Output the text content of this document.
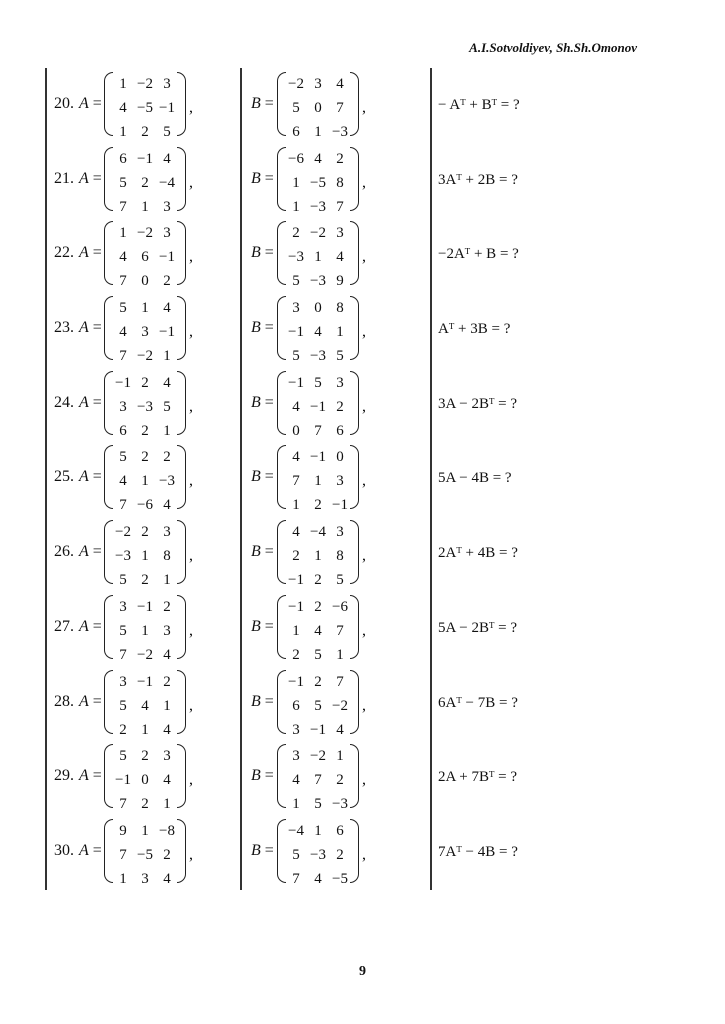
A.I.Sotvoldiyev, Sh.Sh.Omonov
20. A =
1	−2	3
4	−5	−1
1	2	5
,	B =
−2	3	4
5	0	7
6	1	−3
,	− Aᵀ + Bᵀ = ?
21. A =
6	−1	4
5	2	−4
7	1	3
,	B =
−6	4	2
1	−5	8
1	−3	7
,	3Aᵀ + 2B = ?
22. A =
1	−2	3
4	6	−1
7	0	2
,	B =
2	−2	3
−3	1	4
5	−3	9
,	−2Aᵀ + B = ?
23. A =
5	1	4
4	3	−1
7	−2	1
,	B =
3	0	8
−1	4	1
5	−3	5
,	Aᵀ + 3B = ?
24. A =
−1	2	4
3	−3	5
6	2	1
,	B =
−1	5	3
4	−1	2
0	7	6
,	3A − 2Bᵀ = ?
25. A =
5	2	2
4	1	−3
7	−6	4
,	B =
4	−1	0
7	1	3
1	2	−1
,	5A − 4B = ?
26. A =
−2	2	3
−3	1	8
5	2	1
,	B =
4	−4	3
2	1	8
−1	2	5
,	2Aᵀ + 4B = ?
27. A =
3	−1	2
5	1	3
7	−2	4
,	B =
−1	2	−6
1	4	7
2	5	1
,	5A − 2Bᵀ = ?
28. A =
3	−1	2
5	4	1
2	1	4
,	B =
−1	2	7
6	5	−2
3	−1	4
,	6Aᵀ − 7B = ?
29. A =
5	2	3
−1	0	4
7	2	1
,	B =
3	−2	1
4	7	2
1	5	−3
,	2A + 7Bᵀ = ?
30. A =
9	1	−8
7	−5	2
1	3	4
,	B =
−4	1	6
5	−3	2
7	4	−5
,	7Aᵀ − 4B = ?
9
